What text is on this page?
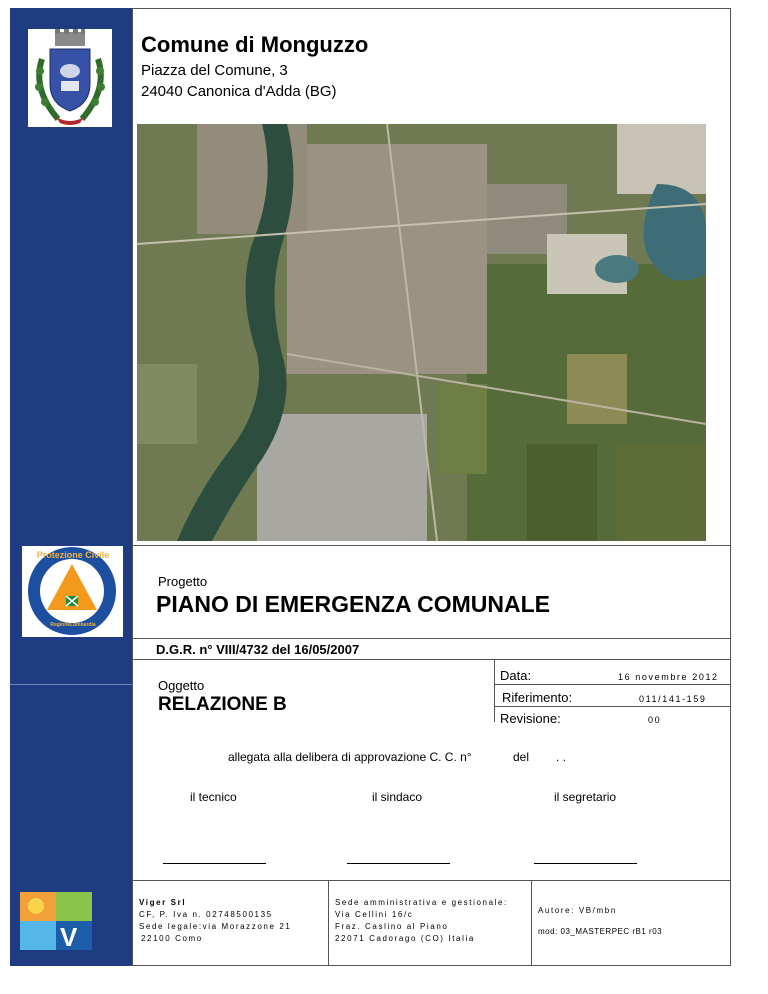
Comune di Monguzzo
Piazza del Comune, 3
24040 Canonica d'Adda (BG)
Protezione Civile
RegioneLombardia
Progetto
PIANO DI EMERGENZA COMUNALE
D.G.R. n° VIII/4732 del 16/05/2007
Oggetto
RELAZIONE B
Data:	16 novembre 2012
Riferimento:	011/141-159
Revisione:	00
allegata alla delibera di approvazione C. C. n°	del . .
il tecnico	il sindaco	il segretario
V
Viger Srl
CF, P. Iva n. 02748500135
Sede legale:via Morazzone 21
22100 Como
Sede amministrativa e gestionale:
Via Cellini 16/c
Fraz. Caslino al Piano
22071 Cadorago (CO) Italia
Autore: VB/mbn
mod: 03_MASTERPEC rB1 r03
